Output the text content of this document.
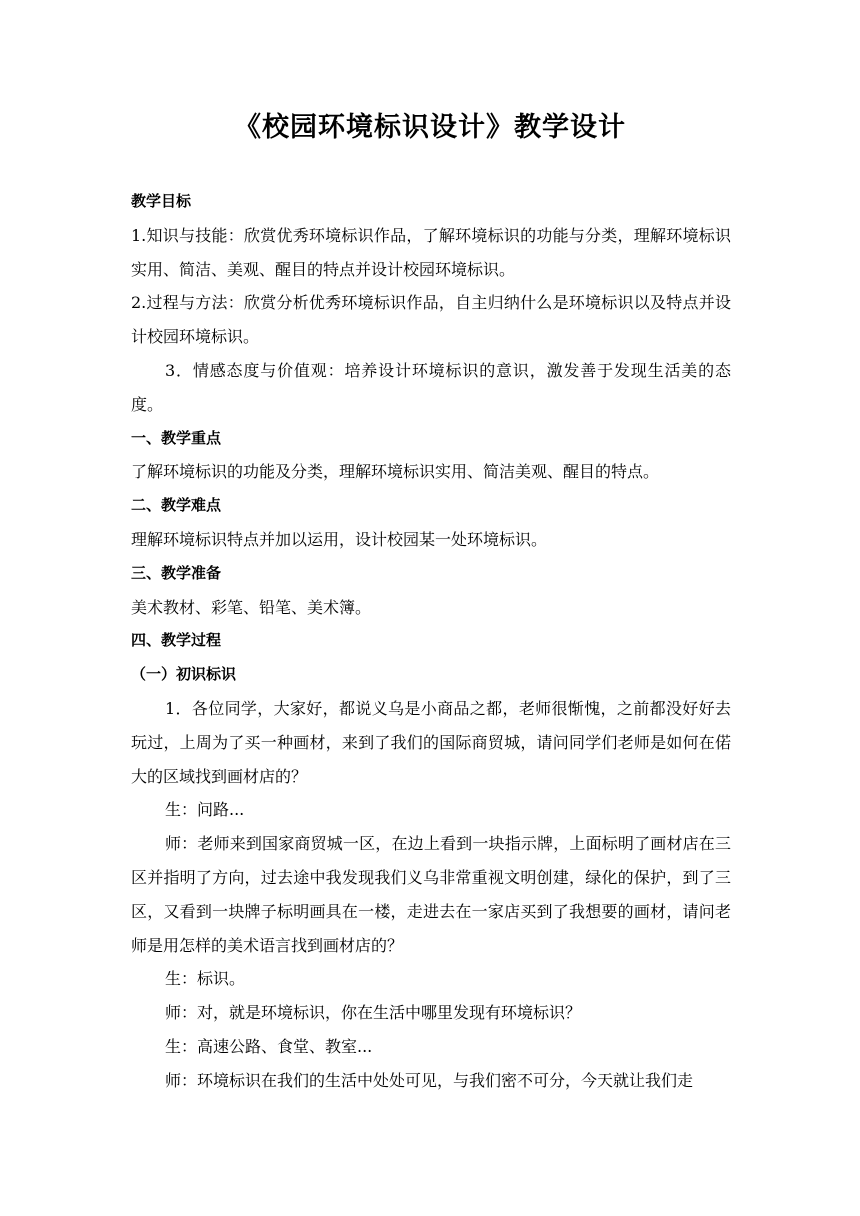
《校园环境标识设计》教学设计

教学目标

1.知识与技能：欣赏优秀环境标识作品，了解环境标识的功能与分类，理解环境标识实用、简洁、美观、醒目的特点并设计校园环境标识。

2.过程与方法：欣赏分析优秀环境标识作品，自主归纳什么是环境标识以及特点并设计校园环境标识。

3．情感态度与价值观：培养设计环境标识的意识，激发善于发现生活美的态度。

一、教学重点

了解环境标识的功能及分类，理解环境标识实用、简洁美观、醒目的特点。

二、教学难点

理解环境标识特点并加以运用，设计校园某一处环境标识。

三、教学准备

美术教材、彩笔、铅笔、美术簿。

四、教学过程

（一）初识标识

1．各位同学，大家好，都说义乌是小商品之都，老师很惭愧，之前都没好好去玩过，上周为了买一种画材，来到了我们的国际商贸城，请问同学们老师是如何在偌大的区域找到画材店的？

生：问路...

师：老师来到国家商贸城一区，在边上看到一块指示牌，上面标明了画材店在三区并指明了方向，过去途中我发现我们义乌非常重视文明创建，绿化的保护，到了三区，又看到一块牌子标明画具在一楼，走进去在一家店买到了我想要的画材，请问老师是用怎样的美术语言找到画材店的？

生：标识。

师：对，就是环境标识，你在生活中哪里发现有环境标识？

生：高速公路、食堂、教室...

师：环境标识在我们的生活中处处可见，与我们密不可分，今天就让我们走
